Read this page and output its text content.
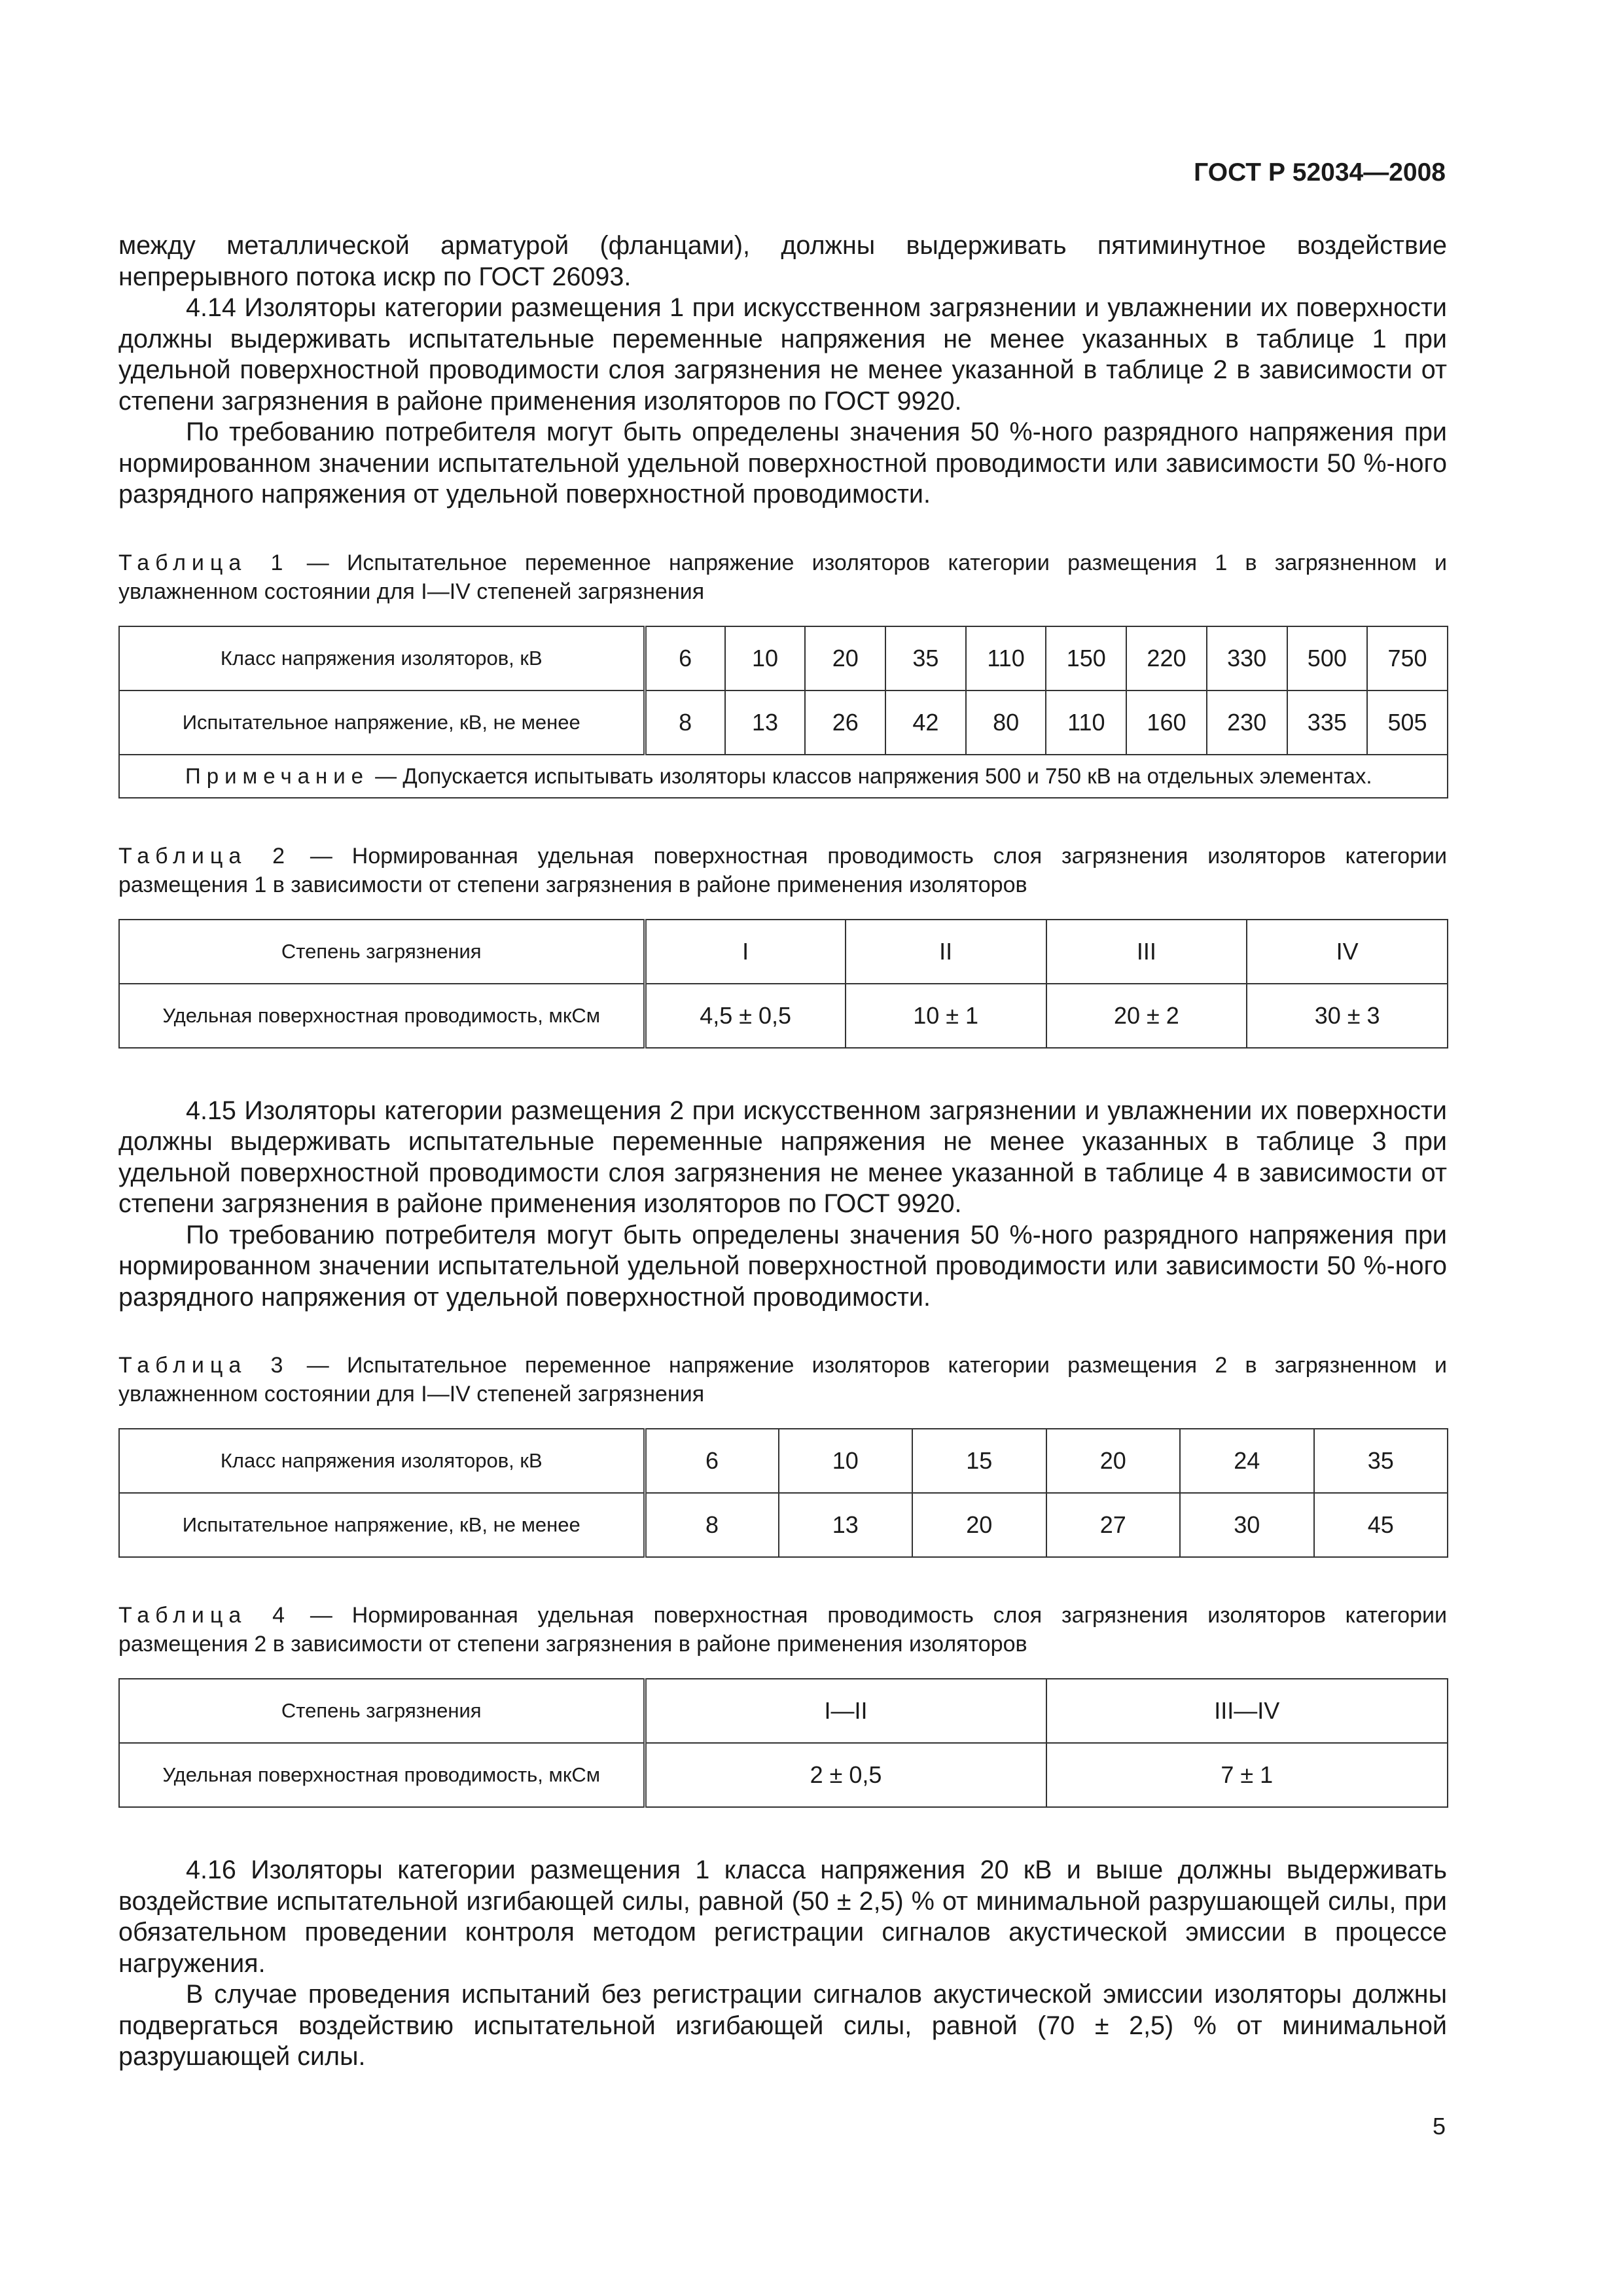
ГОСТ Р 52034—2008

между металлической арматурой (фланцами), должны выдерживать пятиминутное воздействие непрерывного потока искр по ГОСТ 26093.

4.14 Изоляторы категории размещения 1 при искусственном загрязнении и увлажнении их поверхности должны выдерживать испытательные переменные напряжения не менее указанных в таблице 1 при удельной поверхностной проводимости слоя загрязнения не менее указанной в таблице 2 в зависимости от степени загрязнения в районе применения изоляторов по ГОСТ 9920.

По требованию потребителя могут быть определены значения 50 %-ного разрядного напряжения при нормированном значении испытательной удельной поверхностной проводимости или зависимости 50 %-ного разрядного напряжения от удельной поверхностной проводимости.

Таблица 1 — Испытательное переменное напряжение изоляторов категории размещения 1 в загрязненном и увлажненном состоянии для I—IV степеней загрязнения

Класс напряжения изоляторов, кВ	6	10	20	35	110	150	220	330	500	750
Испытательное напряжение, кВ, не менее	8	13	26	42	80	110	160	230	335	505
Примечание — Допускается испытывать изоляторы классов напряжения 500 и 750 кВ на отдельных элементах.										

Таблица 2 — Нормированная удельная поверхностная проводимость слоя загрязнения изоляторов категории размещения 1 в зависимости от степени загрязнения в районе применения изоляторов

Степень загрязнения	I	II	III	IV
Удельная поверхностная проводимость, мкСм	4,5 ± 0,5	10 ± 1	20 ± 2	30 ± 3

4.15 Изоляторы категории размещения 2 при искусственном загрязнении и увлажнении их поверхности должны выдерживать испытательные переменные напряжения не менее указанных в таблице 3 при удельной поверхностной проводимости слоя загрязнения не менее указанной в таблице 4 в зависимости от степени загрязнения в районе применения изоляторов по ГОСТ 9920.

По требованию потребителя могут быть определены значения 50 %-ного разрядного напряжения при нормированном значении испытательной удельной поверхностной проводимости или зависимости 50 %-ного разрядного напряжения от удельной поверхностной проводимости.

Таблица 3 — Испытательное переменное напряжение изоляторов категории размещения 2 в загрязненном и увлажненном состоянии для I—IV степеней загрязнения

Класс напряжения изоляторов, кВ	6	10	15	20	24	35
Испытательное напряжение, кВ, не менее	8	13	20	27	30	45

Таблица 4 — Нормированная удельная поверхностная проводимость слоя загрязнения изоляторов категории размещения 2 в зависимости от степени загрязнения в районе применения изоляторов

Степень загрязнения	I—II	III—IV
Удельная поверхностная проводимость, мкСм	2 ± 0,5	7 ± 1

4.16 Изоляторы категории размещения 1 класса напряжения 20 кВ и выше должны выдерживать воздействие испытательной изгибающей силы, равной (50 ± 2,5) % от минимальной разрушающей силы, при обязательном проведении контроля методом регистрации сигналов акустической эмиссии в процессе нагружения.

В случае проведения испытаний без регистрации сигналов акустической эмиссии изоляторы должны подвергаться воздействию испытательной изгибающей силы, равной (70 ± 2,5) % от минимальной разрушающей силы.

5
